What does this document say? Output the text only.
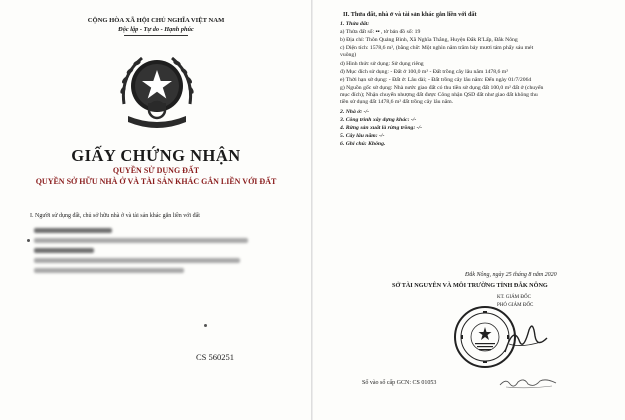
CỘNG HÒA XÃ HỘI CHỦ NGHĨA VIỆT NAM
Độc lập - Tự do - Hạnh phúc
GIẤY CHỨNG NHẬN
QUYỀN SỬ DỤNG ĐẤT
QUYỀN SỞ HỮU NHÀ Ở VÀ TÀI SẢN KHÁC GẮN LIỀN VỚI ĐẤT
I. Người sử dụng đất, chủ sở hữu nhà ở và tài sản khác gắn liền với đất
CS 560251
II. Thửa đất, nhà ở và tài sản khác gắn liền với đất
1. Thửa đất:
a) Thửa đất số: ▪▪ , tờ bản đồ số: 19
b) Địa chỉ: Thôn Quảng Bình, Xã Nghĩa Thắng, Huyện Đắk R'Lấp, Đắk Nông
c) Diện tích: 1578,6 m², (bằng chữ: Một nghìn năm trăm bảy mươi tám phẩy sáu mét
vuông)
d) Hình thức sử dụng: Sử dụng riêng
đ) Mục đích sử dụng: - Đất ở 100,0 m² - Đất trồng cây lâu năm 1478,6 m²
e) Thời hạn sử dụng: - Đất ở: Lâu dài; - Đất trồng cây lâu năm: Đến ngày 01/7/2064
g) Nguồn gốc sử dụng: Nhà nước giao đất có thu tiền sử dụng đất 100,0 m² đất ở (chuyển
mục đích); Nhận chuyển nhượng đất được Công nhận QSD đất như giao đất không thu
tiền sử dụng đất 1478,6 m² đất trồng cây lâu năm.
2. Nhà ở: -/-
3. Công trình xây dựng khác: -/-
4. Rừng sản xuất là rừng trồng: -/-
5. Cây lâu năm: -/-
6. Ghi chú: Không.
Đắk Nông, ngày 25 tháng 8 năm 2020
SỞ TÀI NGUYÊN VÀ MÔI TRƯỜNG TỈNH ĐẮK NÔNG
KT. GIÁM ĐỐC
PHÓ GIÁM ĐỐC
Số vào sổ cấp GCN: CS 01053
